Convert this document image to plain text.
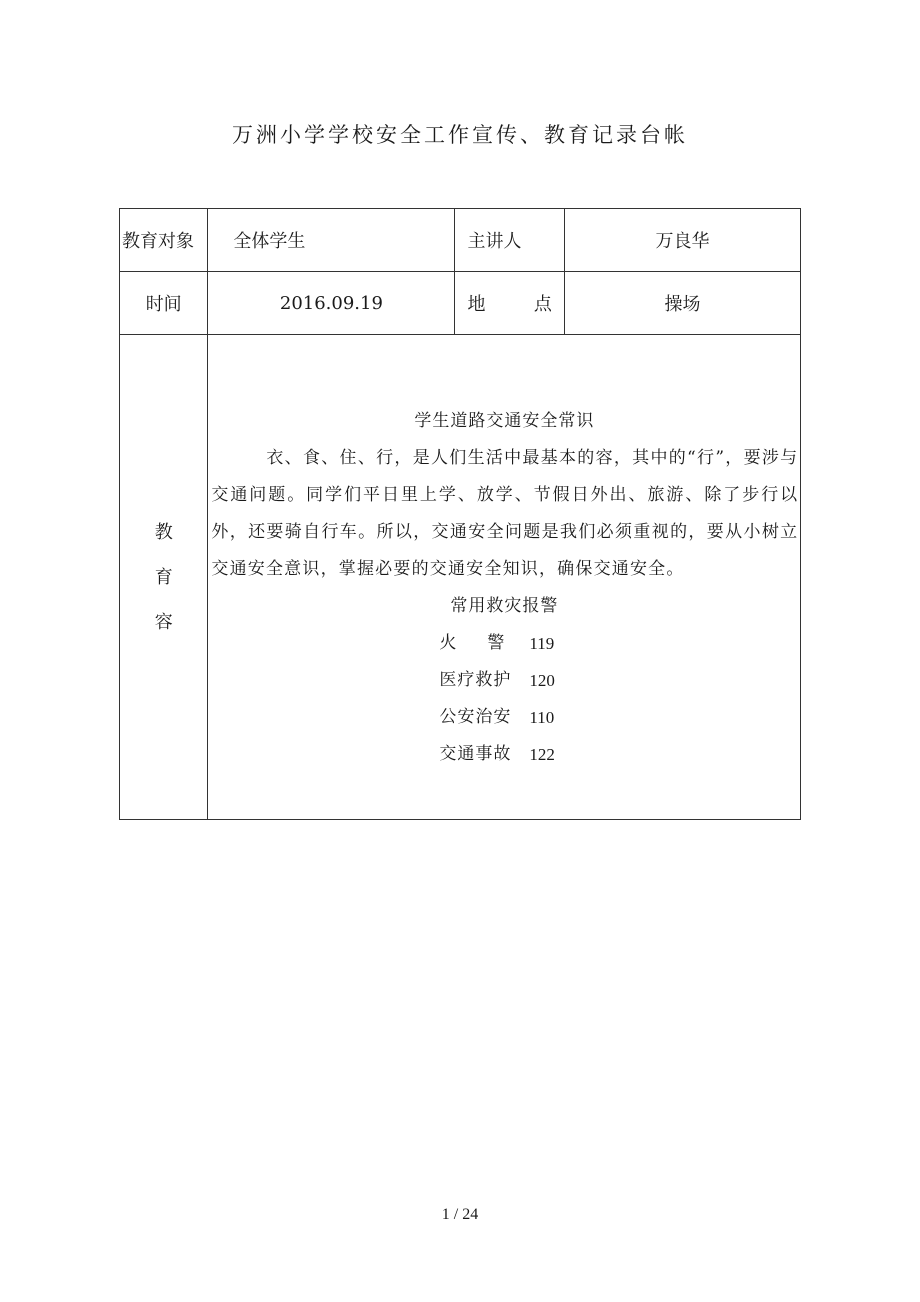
万洲小学学校安全工作宣传、教育记录台帐
教育对象	全体学生	主讲人	万良华
时间	2016.09.19	地 点	操场

教
育
容

学生道路交通安全常识

衣、食、住、行，是人们生活中最基本的容，其中的“行”，要涉与交通问题。同学们平日里上学、放学、节假日外出、旅游、除了步行以外，还要骑自行车。所以，交通安全问题是我们必须重视的，要从小树立交通安全意识，掌握必要的交通安全知识，确保交通安全。

常用救灾报警
火 警 119
医疗救护	120
公安治安	110
交通事故	122
1 / 24
